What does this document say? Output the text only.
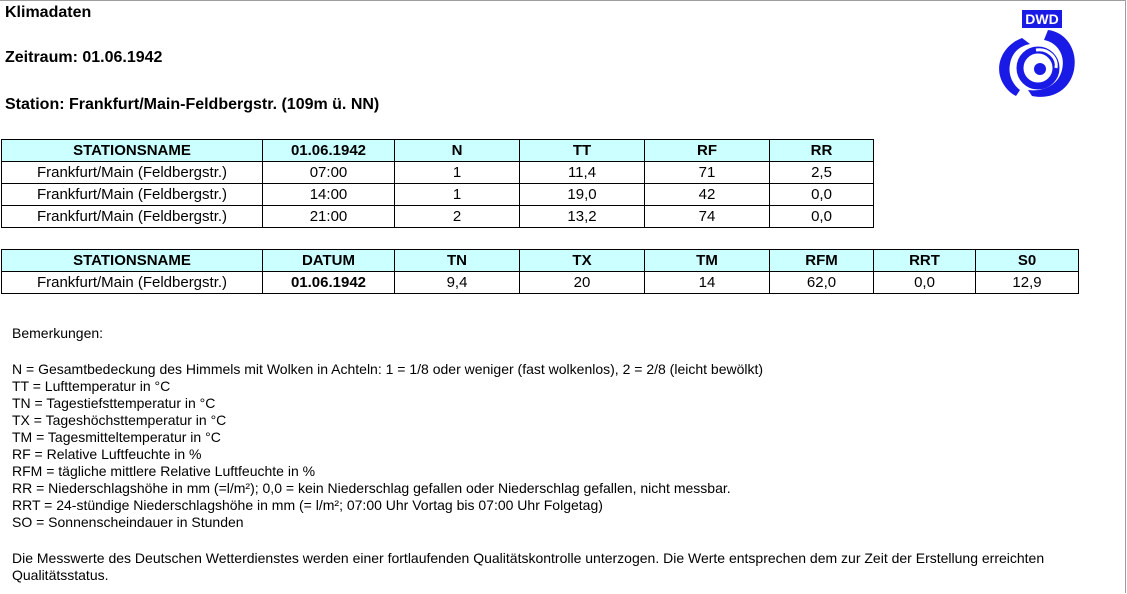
Klimadaten
Zeitraum: 01.06.1942
Station: Frankfurt/Main-Feldbergstr. (109m ü. NN)
DWD
STATIONSNAME	01.06.1942	N	TT	RF	RR
Frankfurt/Main (Feldbergstr.)	07:00	1	11,4	71	2,5
Frankfurt/Main (Feldbergstr.)	14:00	1	19,0	42	0,0
Frankfurt/Main (Feldbergstr.)	21:00	2	13,2	74	0,0
STATIONSNAME	DATUM	TN	TX	TM	RFM	RRT	S0
Frankfurt/Main (Feldbergstr.)	01.06.1942	9,4	20	14	62,0	0,0	12,9
Bemerkungen:
N = Gesamtbedeckung des Himmels mit Wolken in Achteln: 1 = 1/8 oder weniger (fast wolkenlos), 2 = 2/8 (leicht bewölkt)
TT = Lufttemperatur in °C
TN = Tagestiefsttemperatur in °C
TX = Tageshöchsttemperatur in °C
TM = Tagesmitteltemperatur in °C
RF = Relative Luftfeuchte in %
RFM = tägliche mittlere Relative Luftfeuchte in %
RR = Niederschlagshöhe in mm (=l/m²); 0,0 = kein Niederschlag gefallen oder Niederschlag gefallen, nicht messbar.
RRT = 24-stündige Niederschlagshöhe in mm (= l/m²; 07:00 Uhr Vortag bis 07:00 Uhr Folgetag)
SO = Sonnenscheindauer in Stunden
Die Messwerte des Deutschen Wetterdienstes werden einer fortlaufenden Qualitätskontrolle unterzogen. Die Werte entsprechen dem zur Zeit der Erstellung erreichten Qualitätsstatus.
